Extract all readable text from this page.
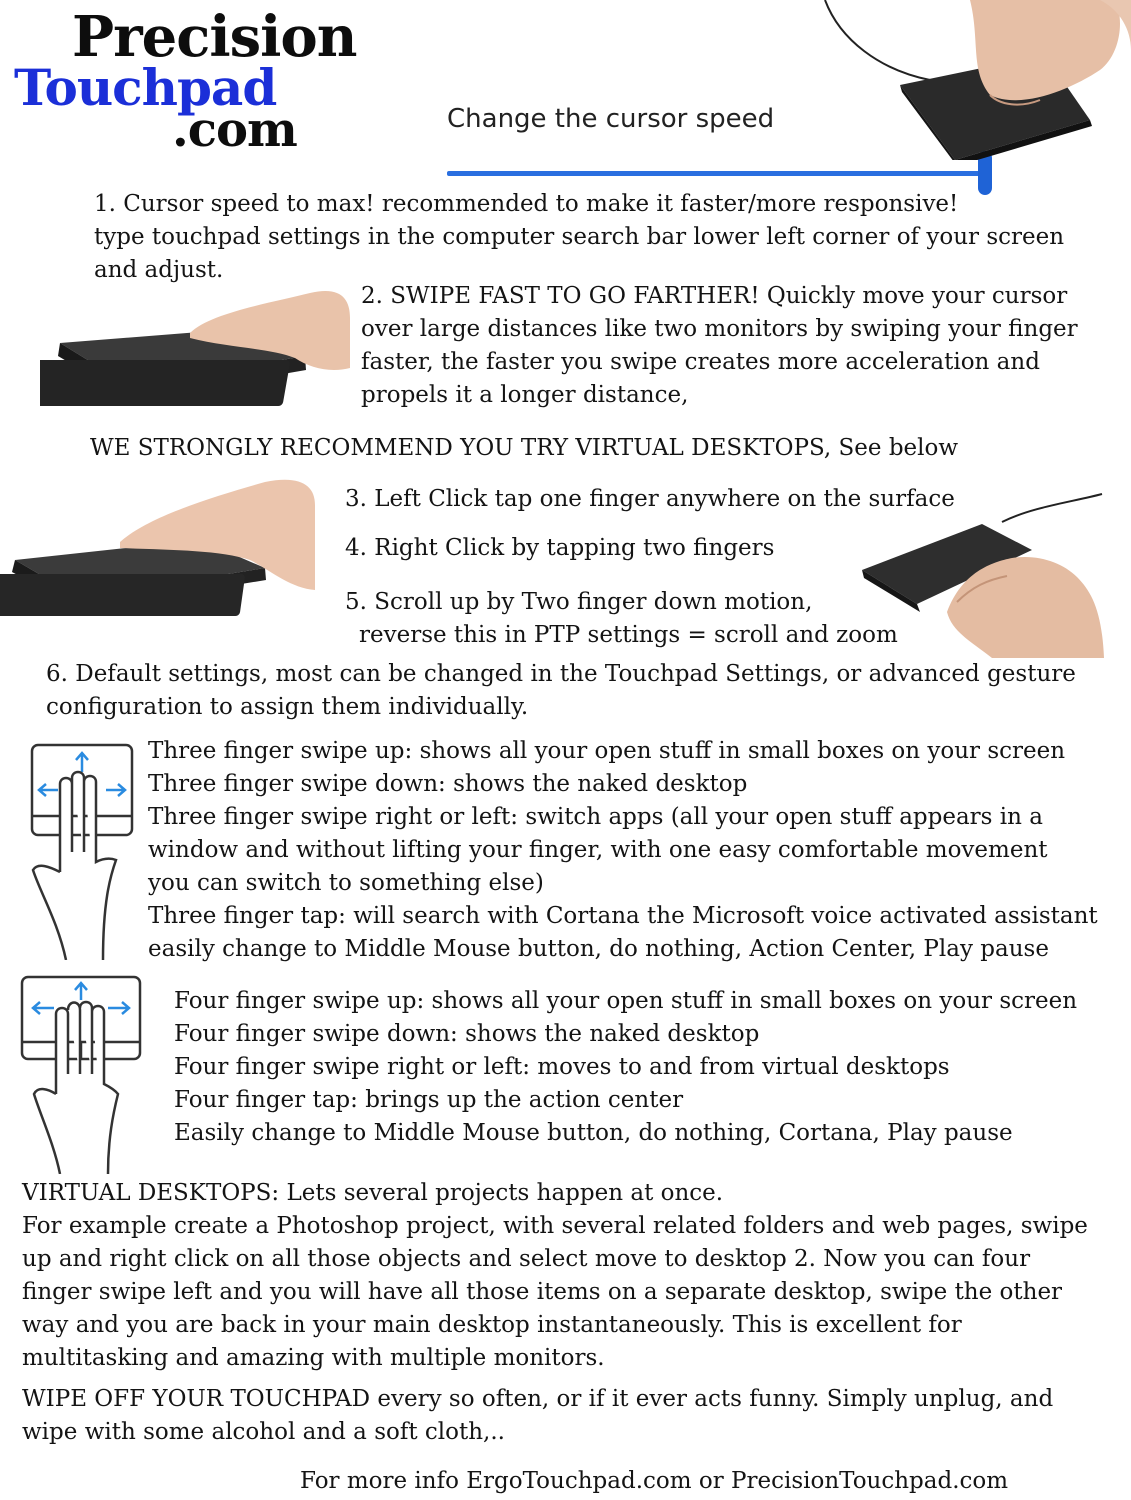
Precision
Touchpad
.com	Change the cursor speed
1. Cursor speed to max! recommended to make it faster/more responsive!
type touchpad settings in the computer search bar lower left corner of your screen
and adjust.
2. SWIPE FAST TO GO FARTHER! Quickly move your cursor
over large distances like two monitors by swiping your finger
faster, the faster you swipe creates more acceleration and
propels it a longer distance,
WE STRONGLY RECOMMEND YOU TRY VIRTUAL DESKTOPS, See below
3. Left Click tap one finger anywhere on the surface
4. Right Click by tapping two fingers
5. Scroll up by Two finger down motion,
reverse this in PTP settings = scroll and zoom
6. Default settings, most can be changed in the Touchpad Settings, or advanced gesture
configuration to assign them individually.
Three finger swipe up: shows all your open stuff in small boxes on your screen
Three finger swipe down: shows the naked desktop
Three finger swipe right or left: switch apps (all your open stuff appears in a
window and without lifting your finger, with one easy comfortable movement
you can switch to something else)
Three finger tap: will search with Cortana the Microsoft voice activated assistant
easily change to Middle Mouse button, do nothing, Action Center, Play pause
Four finger swipe up: shows all your open stuff in small boxes on your screen
Four finger swipe down: shows the naked desktop
Four finger swipe right or left: moves to and from virtual desktops
Four finger tap: brings up the action center
Easily change to Middle Mouse button, do nothing, Cortana, Play pause
VIRTUAL DESKTOPS: Lets several projects happen at once.
For example create a Photoshop project, with several related folders and web pages, swipe
up and right click on all those objects and select move to desktop 2. Now you can four
finger swipe left and you will have all those items on a separate desktop, swipe the other
way and you are back in your main desktop instantaneously. This is excellent for
multitasking and amazing with multiple monitors.
WIPE OFF YOUR TOUCHPAD every so often, or if it ever acts funny. Simply unplug, and
wipe with some alcohol and a soft cloth,..
For more info ErgoTouchpad.com or PrecisionTouchpad.com
